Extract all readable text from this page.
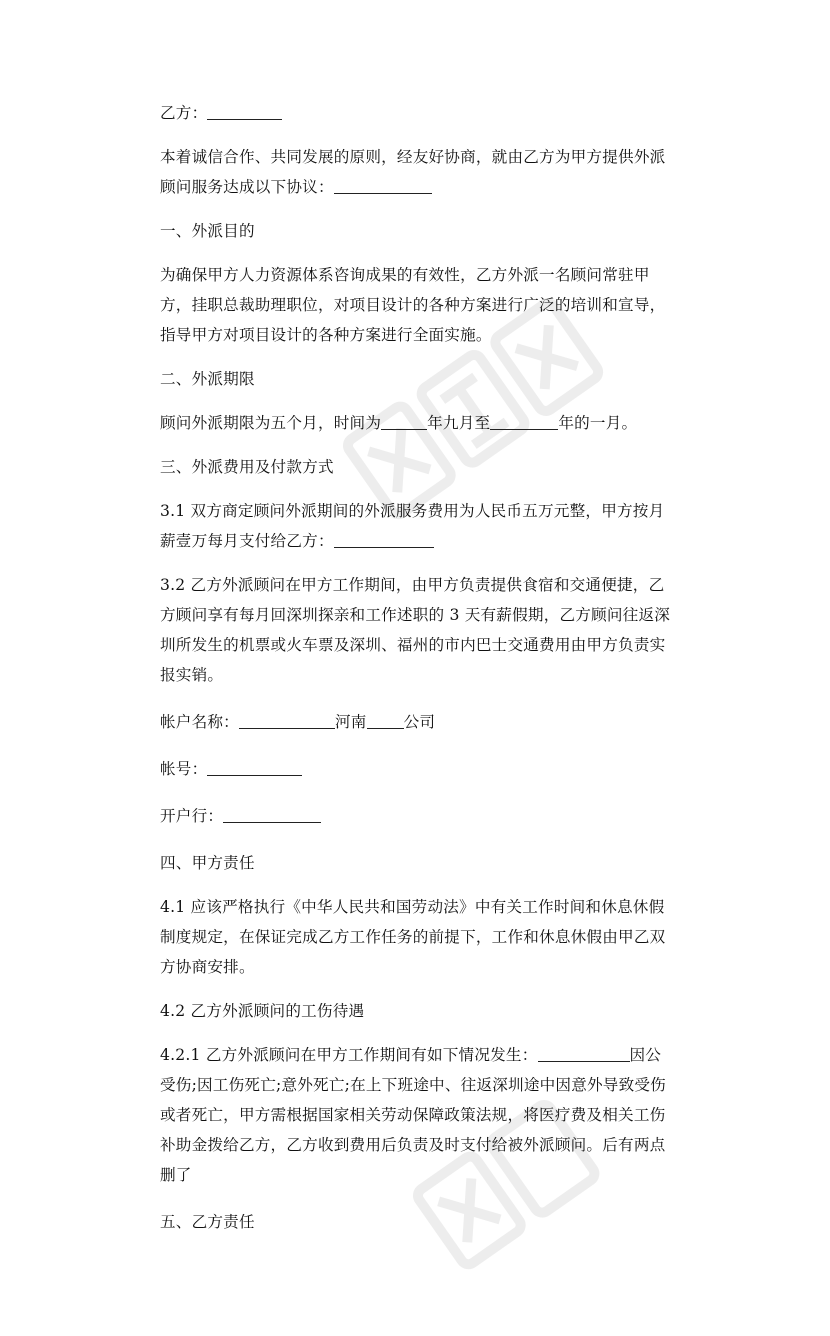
乙方：

本着诚信合作、共同发展的原则，经友好协商，就由乙方为甲方提供外派顾问服务达成以下协议：

一、外派目的

为确保甲方人力资源体系咨询成果的有效性，乙方外派一名顾问常驻甲方，挂职总裁助理职位，对项目设计的各种方案进行广泛的培训和宣导，指导甲方对项目设计的各种方案进行全面实施。

二、外派期限

顾问外派期限为五个月，时间为	年九月至	年的一月。

三、外派费用及付款方式

3.1 双方商定顾问外派期间的外派服务费用为人民币五万元整，甲方按月薪壹万每月支付给乙方：

3.2 乙方外派顾问在甲方工作期间，由甲方负责提供食宿和交通便捷，乙方顾问享有每月回深圳探亲和工作述职的 3 天有薪假期，乙方顾问往返深圳所发生的机票或火车票及深圳、福州的市内巴士交通费用由甲方负责实报实销。

帐户名称：	河南 公司

帐号：

开户行：

四、甲方责任

4.1 应该严格执行《中华人民共和国劳动法》中有关工作时间和休息休假制度规定，在保证完成乙方工作任务的前提下，工作和休息休假由甲乙双方协商安排。

4.2 乙方外派顾问的工伤待遇

4.2.1 乙方外派顾问在甲方工作期间有如下情况发生：	因公受伤;因工伤死亡;意外死亡;在上下班途中、往返深圳途中因意外导致受伤或者死亡，甲方需根据国家相关劳动保障政策法规，将医疗费及相关工伤补助金拨给乙方，乙方收到费用后负责及时支付给被外派顾问。后有两点删了

五、乙方责任
